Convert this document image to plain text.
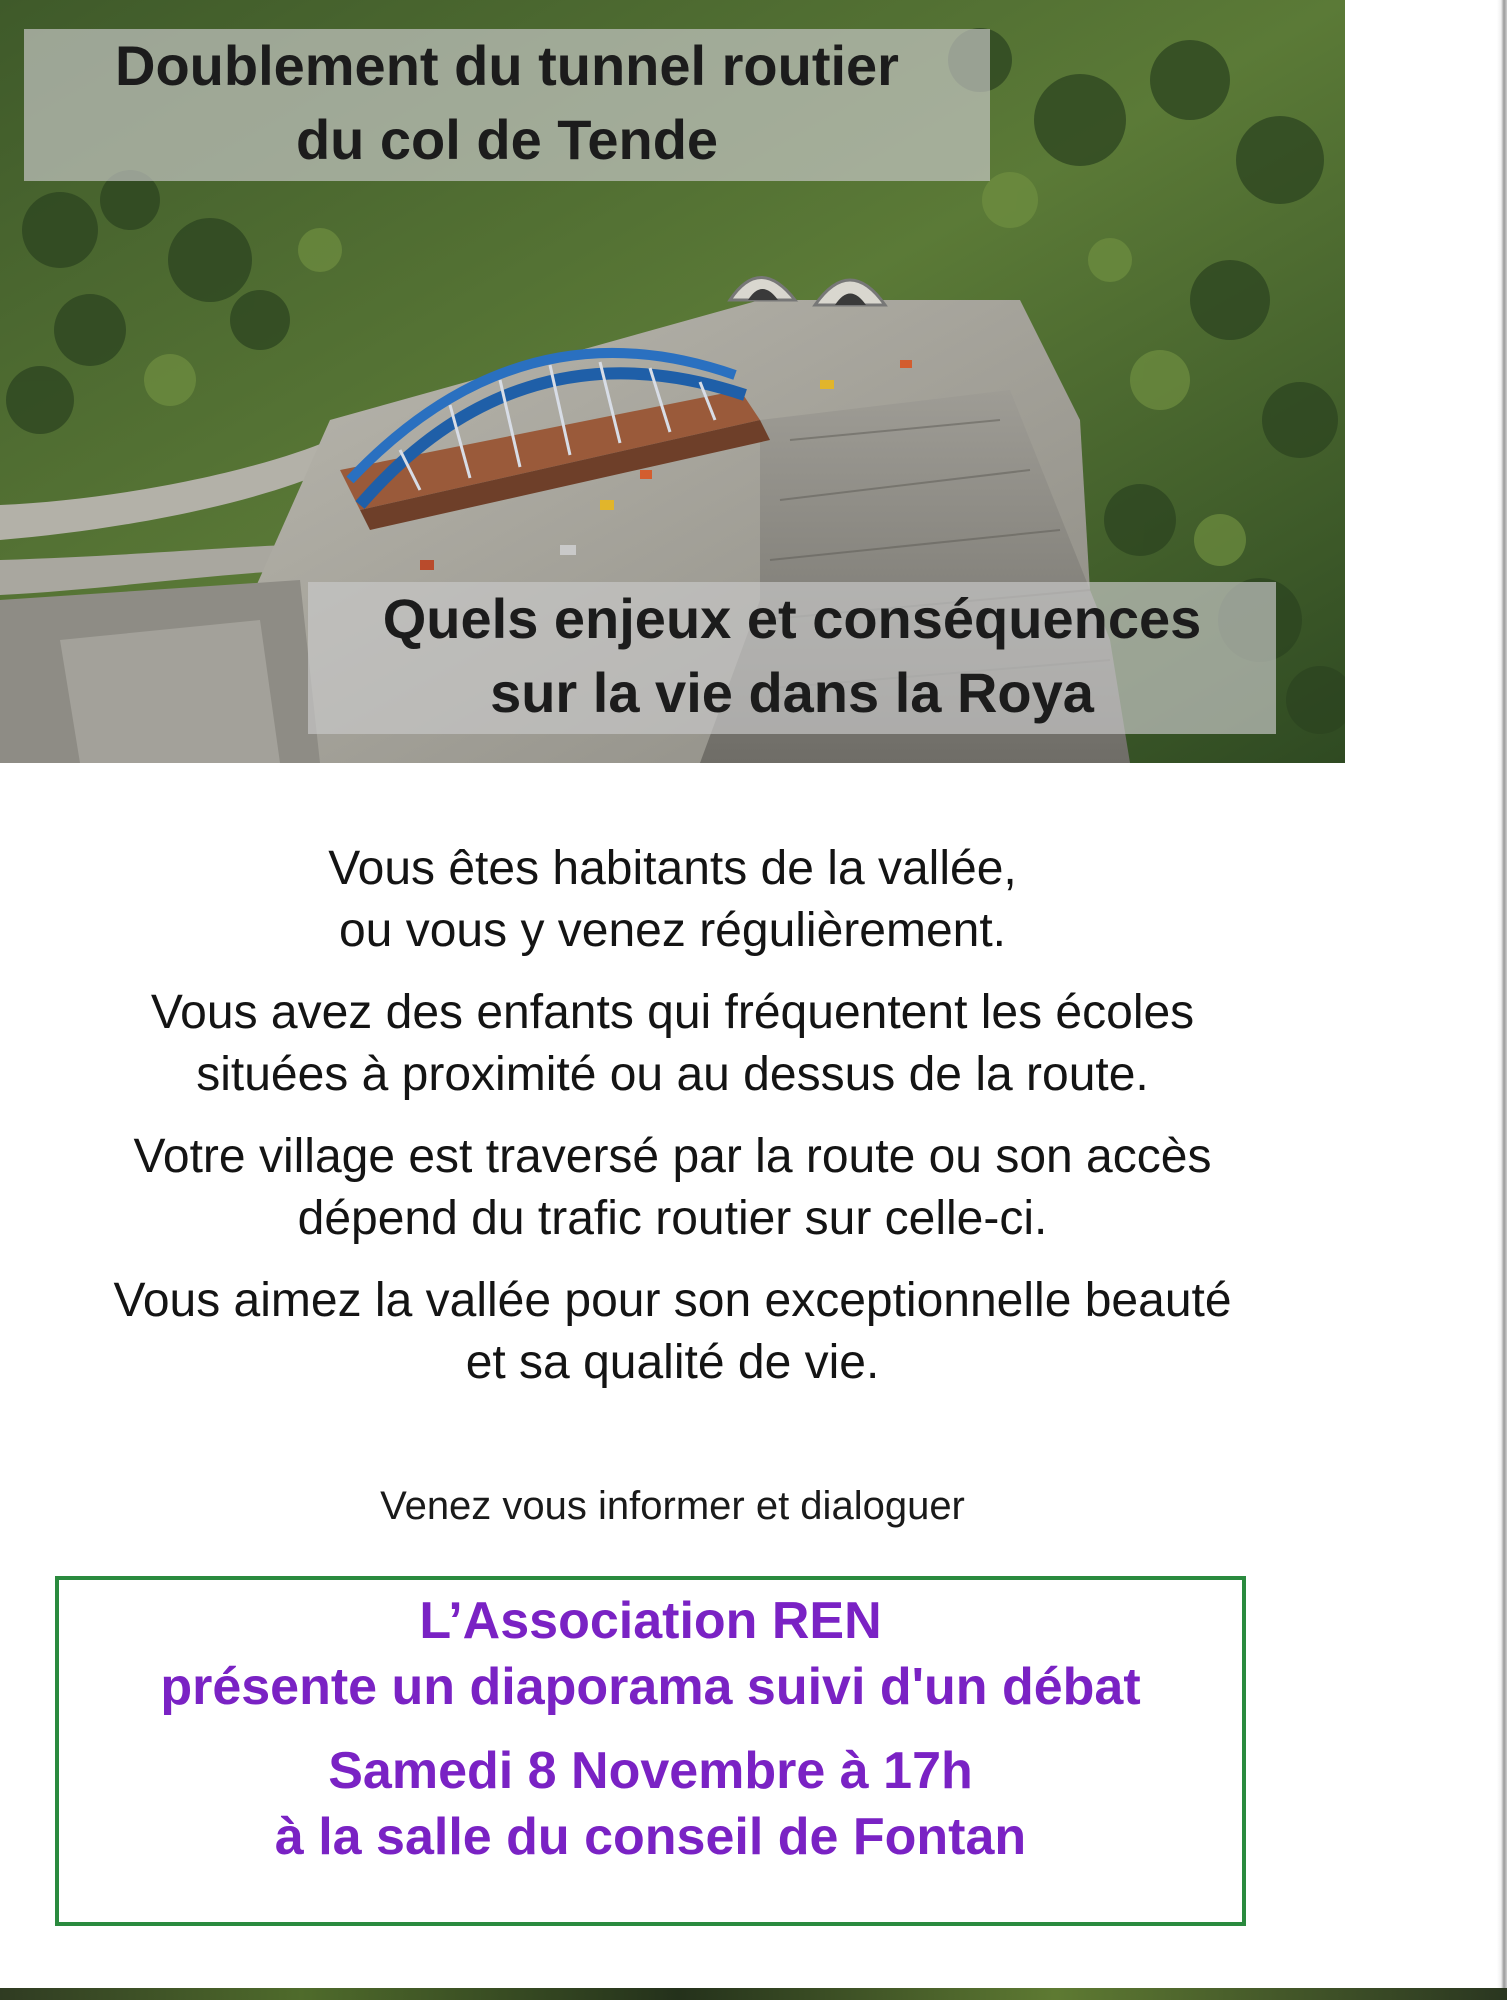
Doublement du tunnel routier
du col de Tende
Quels enjeux et conséquences
sur la vie dans la Roya

Vous êtes habitants de la vallée,
ou vous y venez régulièrement.

Vous avez des enfants qui fréquentent les écoles
situées à proximité ou au dessus de la route.

Votre village est traversé par la route ou son accès
dépend du trafic routier sur celle-ci.

Vous aimez la vallée pour son exceptionnelle beauté
et sa qualité de vie.

Venez vous informer et dialoguer
L’Association REN
présente un diaporama suivi d'un débat
Samedi 8 Novembre à 17h
à la salle du conseil de Fontan
